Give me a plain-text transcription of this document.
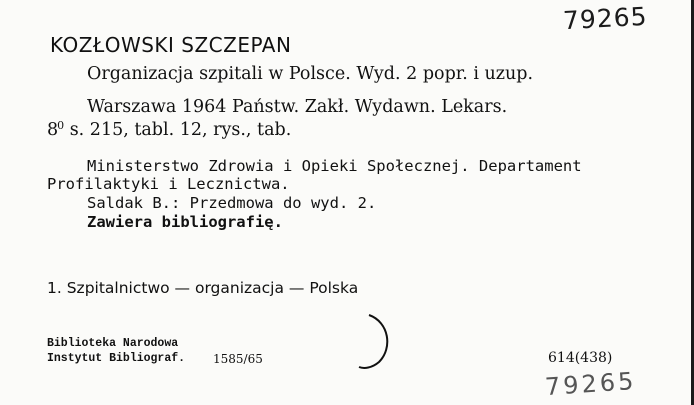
79265
KOZŁOWSKI SZCZEPAN
Organizacja szpitali w Polsce. Wyd. 2 popr. i uzup.
Warszawa 1964 Państw. Zakł. Wydawn. Lekars.
$8^0$ s. 215, tabl. 12, rys., tab.
Ministerstwo Zdrowia i Opieki Społecznej. Departament
Profilaktyki i Lecznictwa.
Saldak B.: Przedmowa do wyd. 2.
Zawiera bibliografię.
1. Szpitalnictwo — organizacja — Polska
Biblioteka Narodowa
Instytut Bibliograf. 1585/65	614(438)
79265
